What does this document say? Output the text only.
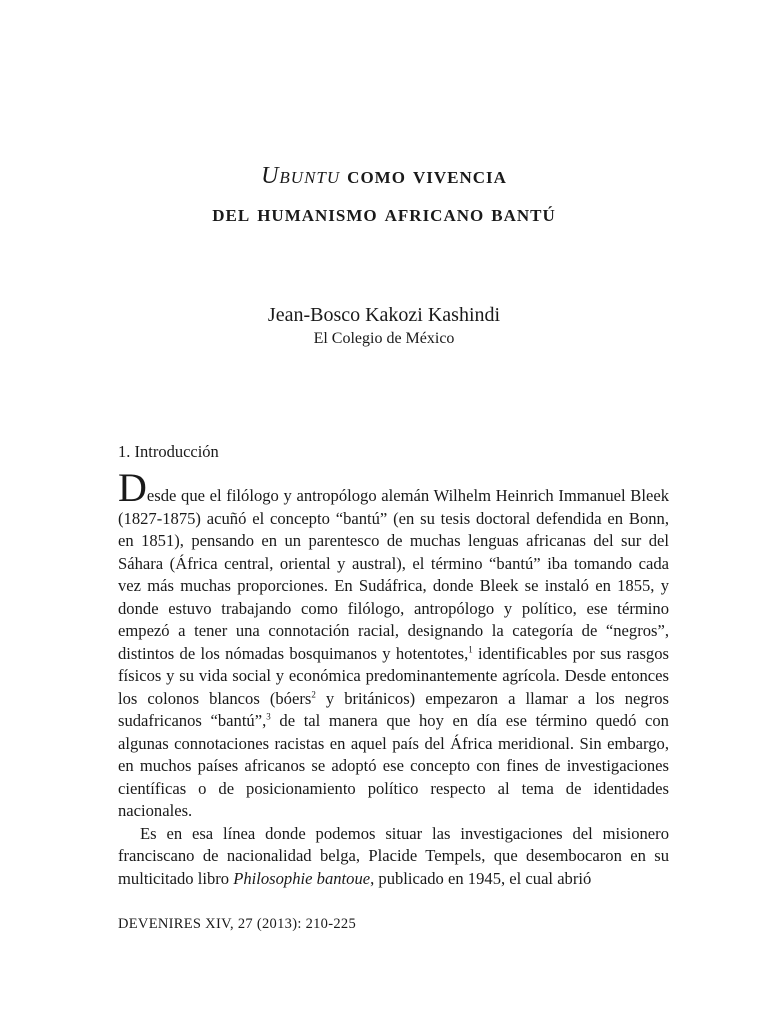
Ubuntu como vivencia
del humanismo africano bantú
Jean-Bosco Kakozi Kashindi
El Colegio de México
1. Introducción

Desde que el filólogo y antropólogo alemán Wilhelm Heinrich Immanuel Bleek (1827-1875) acuñó el concepto “bantú” (en su tesis doctoral defendida en Bonn, en 1851), pensando en un parentesco de muchas lenguas africanas del sur del Sáhara (África central, oriental y austral), el término “bantú” iba tomando cada vez más muchas proporciones. En Sudáfrica, donde Bleek se instaló en 1855, y donde estuvo trabajando como filólogo, antropólogo y político, ese término empezó a tener una connotación racial, designando la categoría de “negros”, distintos de los nómadas bosquimanos y hotentotes,$^1$ identificables por sus rasgos físicos y su vida social y económica predominantemente agrícola. Desde entonces los colonos blancos (bóers$^2$ y británicos) empezaron a llamar a los negros sudafricanos “bantú”,$^3$ de tal manera que hoy en día ese término quedó con algunas connotaciones racistas en aquel país del África meridional. Sin embargo, en muchos países africanos se adoptó ese concepto con fines de investigaciones científicas o de posicionamiento político respecto al tema de identidades nacionales.

Es en esa línea donde podemos situar las investigaciones del misionero franciscano de nacionalidad belga, Placide Tempels, que desembocaron en su multicitado libro Philosophie bantoue, publicado en 1945, el cual abrió

DEVENIRES XIV, 27 (2013): 210-225
